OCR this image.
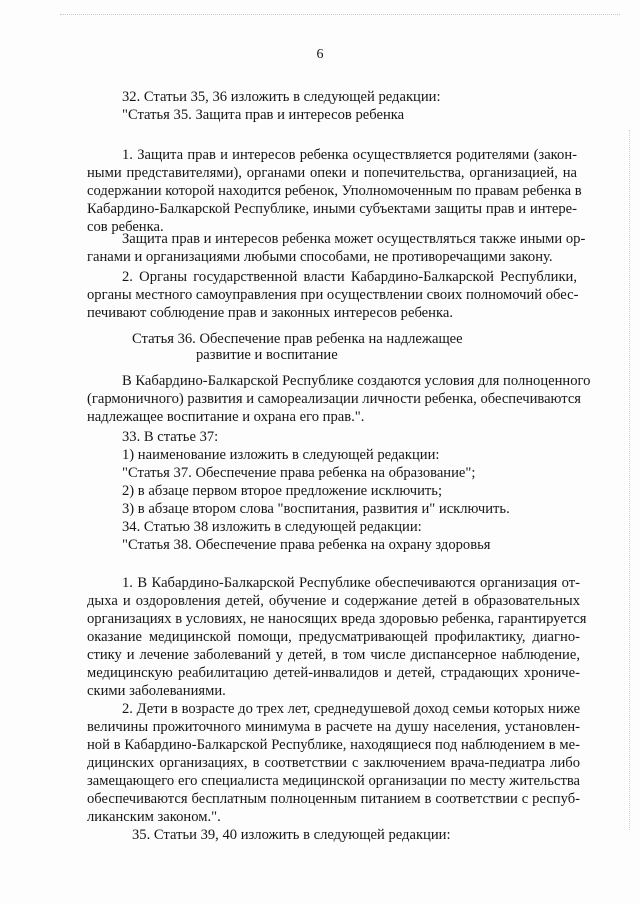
6
32. Статьи 35, 36 изложить в следующей редакции:
"Статья 35. Защита прав и интересов ребенка
1. Защита прав и интересов ребенка осуществляется родителями (закон-
ными представителями), органами опеки и попечительства, организацией, на
содержании которой находится ребенок, Уполномоченным по правам ребенка в
Кабардино-Балкарской Республике, иными субъектами защиты прав и интере-
сов ребенка.
Защита прав и интересов ребенка может осуществляться также иными ор-
ганами и организациями любыми способами, не противоречащими закону.
2. Органы государственной власти Кабардино-Балкарской Республики,
органы местного самоуправления при осуществлении своих полномочий обес-
печивают соблюдение прав и законных интересов ребенка.
Статья 36. Обеспечение прав ребенка на надлежащее
развитие и воспитание
В Кабардино-Балкарской Республике создаются условия для полноценного
(гармоничного) развития и самореализации личности ребенка, обеспечиваются
надлежащее воспитание и охрана его прав.".
33. В статье 37:
1) наименование изложить в следующей редакции:
"Статья 37. Обеспечение права ребенка на образование";
2) в абзаце первом второе предложение исключить;
3) в абзаце втором слова "воспитания, развития и" исключить.
34. Статью 38 изложить в следующей редакции:
"Статья 38. Обеспечение права ребенка на охрану здоровья
1. В Кабардино-Балкарской Республике обеспечиваются организация от-
дыха и оздоровления детей, обучение и содержание детей в образовательных
организациях в условиях, не наносящих вреда здоровью ребенка, гарантируется
оказание медицинской помощи, предусматривающей профилактику, диагно-
стику и лечение заболеваний у детей, в том числе диспансерное наблюдение,
медицинскую реабилитацию детей-инвалидов и детей, страдающих хрониче-
скими заболеваниями.
2. Дети в возрасте до трех лет, среднедушевой доход семьи которых ниже
величины прожиточного минимума в расчете на душу населения, установлен-
ной в Кабардино-Балкарской Республике, находящиеся под наблюдением в ме-
дицинских организациях, в соответствии с заключением врача-педиатра либо
замещающего его специалиста медицинской организации по месту жительства
обеспечиваются бесплатным полноценным питанием в соответствии с респуб-
ликанским законом.".
35. Статьи 39, 40 изложить в следующей редакции:
